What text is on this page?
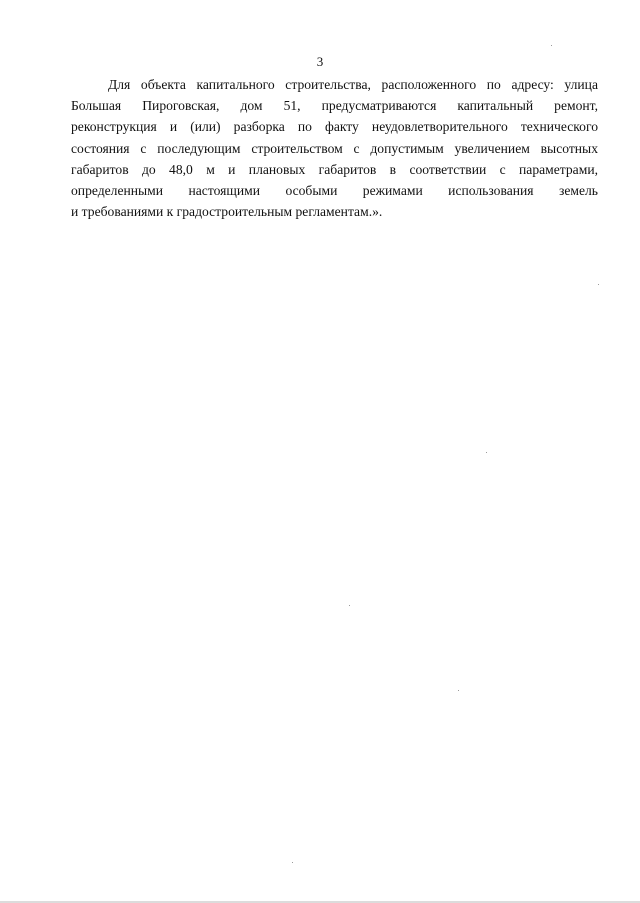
3
Для объекта капитального строительства, расположенного по адресу: улица
Большая Пироговская, дом 51, предусматриваются капитальный ремонт,
реконструкция и (или) разборка по факту неудовлетворительного технического
состояния с последующим строительством с допустимым увеличением высотных
габаритов до 48,0 м и плановых габаритов в соответствии с параметрами,
определенными настоящими особыми режимами использования земель
и требованиями к градостроительным регламентам.».
